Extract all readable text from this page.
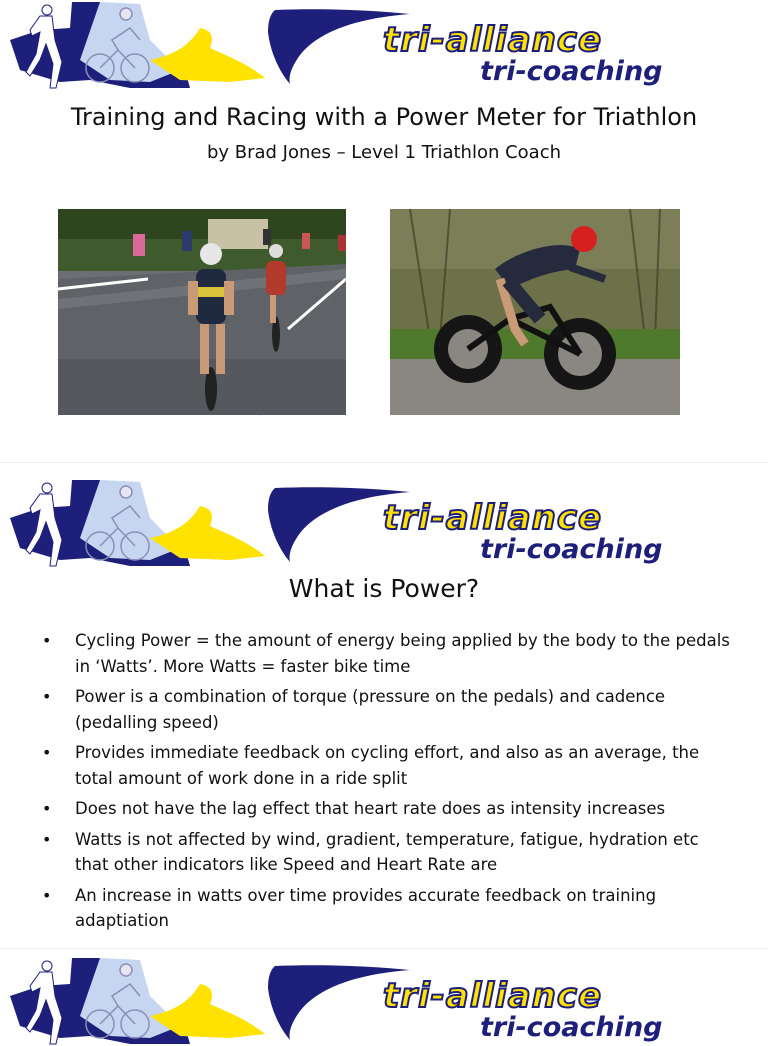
tri-alliance
tri-coaching
Training and Racing with a Power Meter for Triathlon
by Brad Jones – Level 1 Triathlon Coach
tri-alliance
tri-coaching
What is Power?
• Cycling Power = the amount of energy being applied by the body to the pedals in ‘Watts’. More Watts = faster bike time
• Power is a combination of torque (pressure on the pedals) and cadence (pedalling speed)
• Provides immediate feedback on cycling effort, and also as an average, the total amount of work done in a ride split
• Does not have the lag effect that heart rate does as intensity increases
• Watts is not affected by wind, gradient, temperature, fatigue, hydration etc that other indicators like Speed and Heart Rate are
• An increase in watts over time provides accurate feedback on training adaptiation
tri-alliance
tri-coaching
